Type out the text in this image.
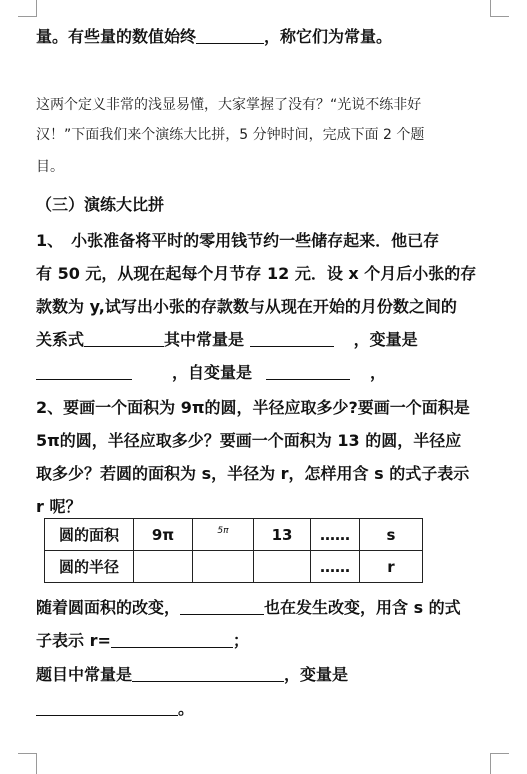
量。有些量的数值始终	，称它们为常量。
这两个定义非常的浅显易懂，大家掌握了没有？“光说不练非好
汉！”下面我们来个演练大比拼，5 分钟时间，完成下面 2 个题
目。
（三）演练大比拼
1、　小张准备将平时的零用钱节约一些储存起来．他已存
有 50 元，从现在起每个月节存 12 元．设 x 个月后小张的存
款数为 y,试写出小张的存款数与从现在开始的月份数之间的
关系式	其中常量是	，变量是
，自变量是	，
2、要画一个面积为 9π的圆，半径应取多少?要画一个面积是
5π的圆，半径应取多少？要画一个面积为 13 的圆，半径应
取多少？若圆的面积为 s，半径为 r，怎样用含 s 的式子表示
r 呢？
圆的面积	9π	5π	13	……	s
圆的半径				……	r
随着圆面积的改变，	也在发生改变，用含 s 的式
子表示 r=	；
题目中常量是	，变量是
。
